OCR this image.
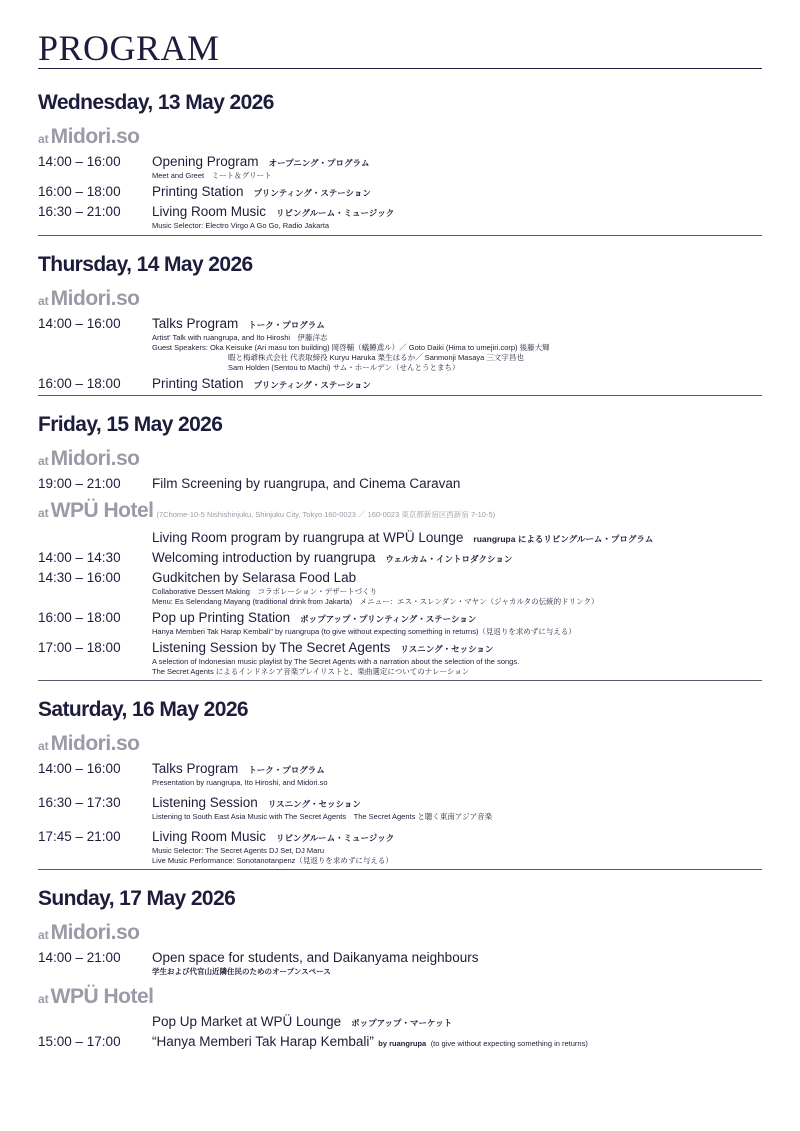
PROGRAM
Wednesday, 13 May 2026
at Midori.so
14:00 – 16:00	Opening Program オープニング・プログラム
Meet and Greet　ミート＆グリート
16:00 – 18:00	Printing Station プリンティング・ステーション
16:30 – 21:00	Living Room Music リビングルーム・ミュージック
Music Selector: Electro Virgo A Go Go, Radio Jakarta
Thursday, 14 May 2026
at Midori.so
14:00 – 16:00	Talks Program トーク・プログラム
Artist' Talk with ruangrupa, and Ito Hiroshi　伊藤洋志
Guest Speakers: Oka Keisuke (Ari masu ton building) 岡啓輔（蟻鱒鳶ル）／ Goto Daiki (Hima to umejiri.corp) 後藤大輝
暇と梅爺株式会社 代表取締役 Kuryu Haruka 栗生はるか／ Sanmonji Masaya 三文字昌也
Sam Holden (Sentou to Machi) サム・ホールデン（せんとうとまち）
16:00 – 18:00	Printing Station プリンティング・ステーション
Friday, 15 May 2026
at Midori.so
19:00 – 21:00	Film Screening by ruangrupa, and Cinema Caravan
at WPÜ Hotel (7Chome-10-5 Nishishinjuku, Shinjuku City, Tokyo 160-0023 ／ 160-0023 東京都新宿区西新宿 7-10-5)
Living Room program by ruangrupa at WPÜ Lounge ruangrupa によるリビングルーム・プログラム
14:00 – 14:30	Welcoming introduction by ruangrupa ウェルカム・イントロダクション
14:30 – 16:00	Gudkitchen by Selarasa Food Lab
Collaborative Dessert Making　コラボレーション・デザートづくり
Menu: Es Selendang Mayang (traditional drink from Jakarta)　メニュー：エス・スレンダン・マヤン（ジャカルタの伝統的ドリンク）
16:00 – 18:00	Pop up Printing Station ポップアップ・プリンティング・ステーション
Hanya Memberi Tak Harap Kembali" by ruangrupa (to give without expecting something in returns)（見返りを求めずに与える）
17:00 – 18:00	Listening Session by The Secret Agents リスニング・セッション
A selection of Indonesian music playlist by The Secret Agents with a narration about the selection of the songs.
The Secret Agents によるインドネシア音楽プレイリストと、楽曲選定についてのナレーション
Saturday, 16 May 2026
at Midori.so
14:00 – 16:00	Talks Program トーク・プログラム
Presentation by ruangrupa, Ito Hiroshi, and Midori.so
16:30 – 17:30	Listening Session リスニング・セッション
Listening to South East Asia Music with The Secret Agents　The Secret Agents と聴く東南アジア音楽
17:45 – 21:00	Living Room Music リビングルーム・ミュージック
Music Selector: The Secret Agents DJ Set, DJ Maru
Live Music Performance: Sonotanotanpenz（見返りを求めずに与える）
Sunday, 17 May 2026
at Midori.so
14:00 – 21:00	Open space for students, and Daikanyama neighbours
学生および代官山近隣住民のためのオープンスペース
at WPÜ Hotel
Pop Up Market at WPÜ Lounge ポップアップ・マーケット
15:00 – 17:00	“Hanya Memberi Tak Harap Kembali” by ruangrupa (to give without expecting something in returns)
